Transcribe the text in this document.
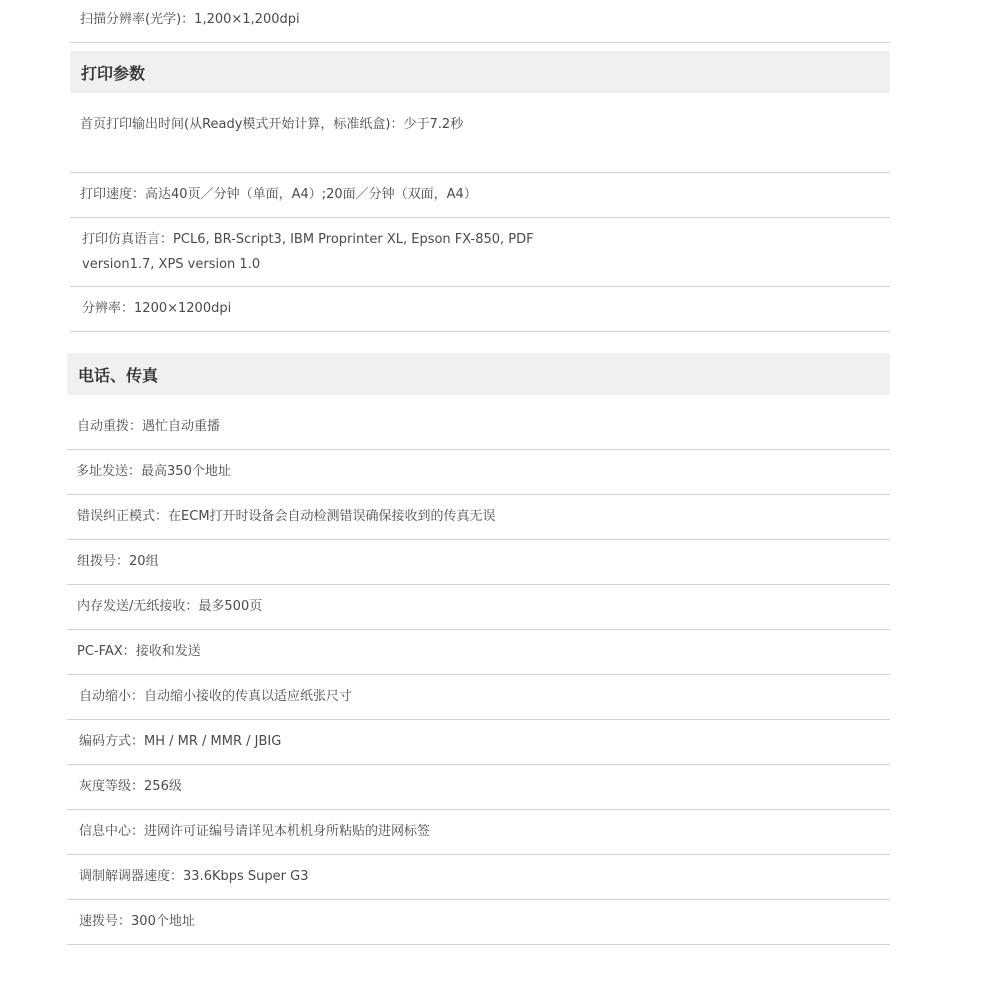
扫描分辨率(光学)：1,200×1,200dpi
打印参数
首页打印输出时间(从Ready模式开始计算，标准纸盒)：少于7.2秒
打印速度：高达40页／分钟（单面，A4）;20面／分钟（双面，A4）
打印仿真语言：PCL6, BR-Script3, IBM Proprinter XL, Epson FX-850, PDF version1.7, XPS version 1.0
分辨率：1200×1200dpi
电话、传真
自动重拨：遇忙自动重播
多址发送：最高350个地址
错误纠正模式：在ECM打开时设备会自动检测错误确保接收到的传真无误
组拨号：20组
内存发送/无纸接收：最多500页
PC-FAX：接收和发送
自动缩小：自动缩小接收的传真以适应纸张尺寸
编码方式：MH / MR / MMR / JBIG
灰度等级：256级
信息中心：进网许可证编号请详见本机机身所粘贴的进网标签
调制解调器速度：33.6Kbps Super G3
速拨号：300个地址
